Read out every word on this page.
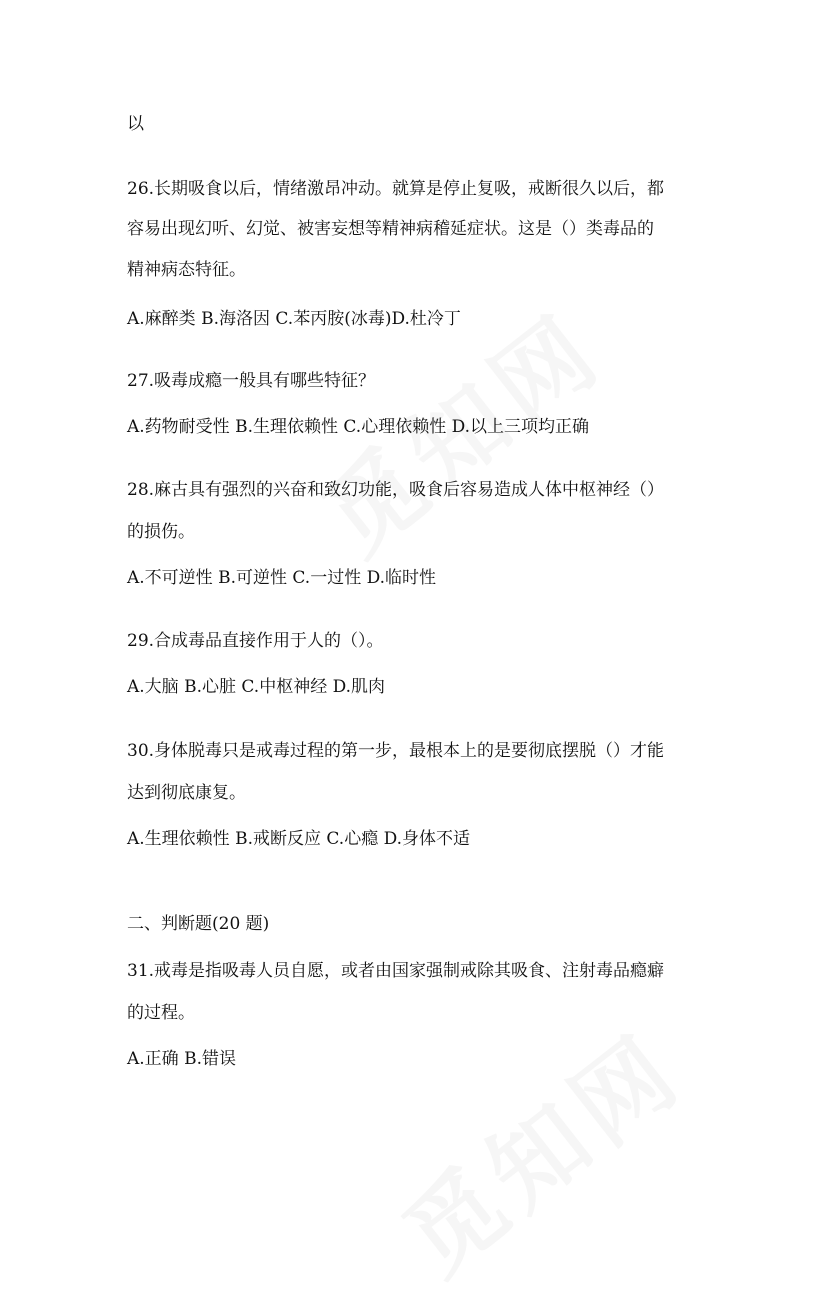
以
26.长期吸食以后，情绪激昂冲动。就算是停止复吸，戒断很久以后，都
容易出现幻听、幻觉、被害妄想等精神病稽延症状。这是（）类毒品的
精神病态特征。
A.麻醉类 B.海洛因 C.苯丙胺(冰毒)D.杜冷丁
27.吸毒成瘾一般具有哪些特征？
A.药物耐受性 B.生理依赖性 C.心理依赖性 D.以上三项均正确
28.麻古具有强烈的兴奋和致幻功能，吸食后容易造成人体中枢神经（）
的损伤。
A.不可逆性 B.可逆性 C.一过性 D.临时性
29.合成毒品直接作用于人的（）。
A.大脑 B.心脏 C.中枢神经 D.肌肉
30.身体脱毒只是戒毒过程的第一步，最根本上的是要彻底摆脱（）才能
达到彻底康复。
A.生理依赖性 B.戒断反应 C.心瘾 D.身体不适
二、判断题(20 题)
31.戒毒是指吸毒人员自愿，或者由国家强制戒除其吸食、注射毒品瘾癖
的过程。
A.正确 B.错误
